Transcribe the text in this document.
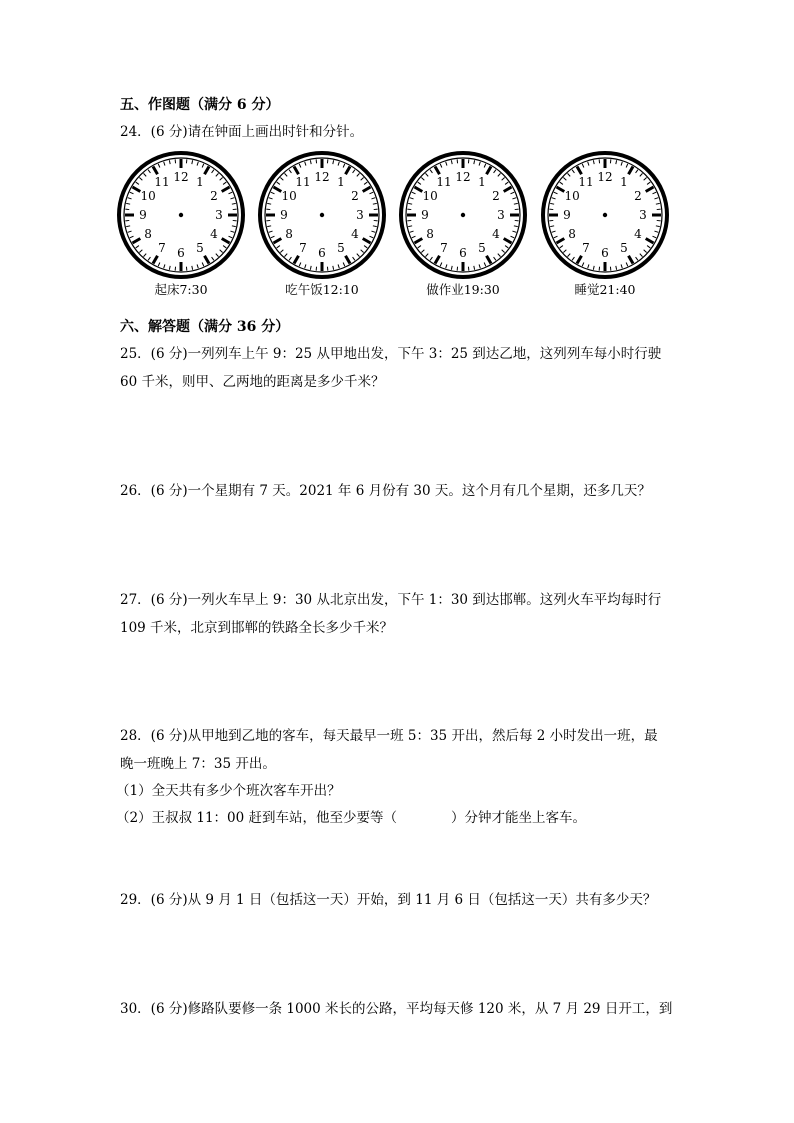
五、作图题（满分 6 分）

24．(6 分)请在钟面上画出时针和分针。

12 1
2
3
4
5
6
7
8
9
10
11
起床7:30
12 1
2
3
4
5
6
7
8
9
10
11
吃午饭12:10
12 1
2
3
4
5
6
7
8
9
10
11
做作业19:30
12 1
2
3
4
5
6
7
8
9
10
11
睡觉21:40

六、解答题（满分 36 分）

25．(6 分)一列列车上午 9：25 从甲地出发，下午 3：25 到达乙地，这列列车每小时行驶

60 千米，则甲、乙两地的距离是多少千米？

26．(6 分)一个星期有 7 天。2021 年 6 月份有 30 天。这个月有几个星期，还多几天？

27．(6 分)一列火车早上 9：30 从北京出发，下午 1：30 到达邯郸。这列火车平均每时行

109 千米，北京到邯郸的铁路全长多少千米？

28．(6 分)从甲地到乙地的客车，每天最早一班 5：35 开出，然后每 2 小时发出一班，最

晚一班晚上 7：35 开出。

（1）全天共有多少个班次客车开出？

（2）王叔叔 11：00 赶到车站，他至少要等（　　　　）分钟才能坐上客车。

29．(6 分)从 9 月 1 日（包括这一天）开始，到 11 月 6 日（包括这一天）共有多少天？

30．(6 分)修路队要修一条 1000 米长的公路，平均每天修 120 米，从 7 月 29 日开工，到
